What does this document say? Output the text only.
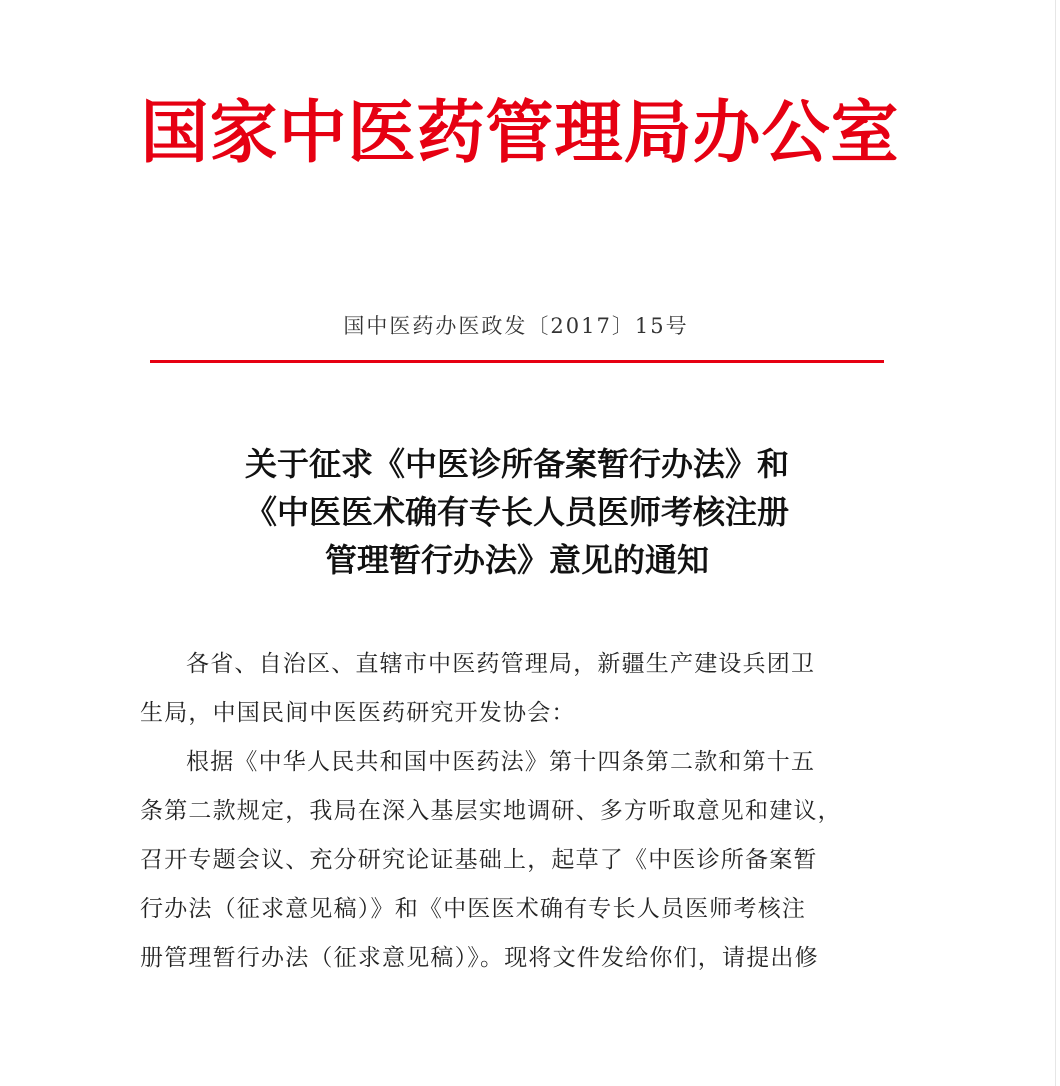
国家中医药管理局办公室
国中医药办医政发〔2017〕15号
关于征求《中医诊所备案暂行办法》和
《中医医术确有专长人员医师考核注册
管理暂行办法》意见的通知
各省、自治区、直辖市中医药管理局，新疆生产建设兵团卫
生局，中国民间中医医药研究开发协会：
根据《中华人民共和国中医药法》第十四条第二款和第十五
条第二款规定，我局在深入基层实地调研、多方听取意见和建议，
召开专题会议、充分研究论证基础上，起草了《中医诊所备案暂
行办法（征求意见稿）》和《中医医术确有专长人员医师考核注
册管理暂行办法（征求意见稿）》。现将文件发给你们，请提出修
